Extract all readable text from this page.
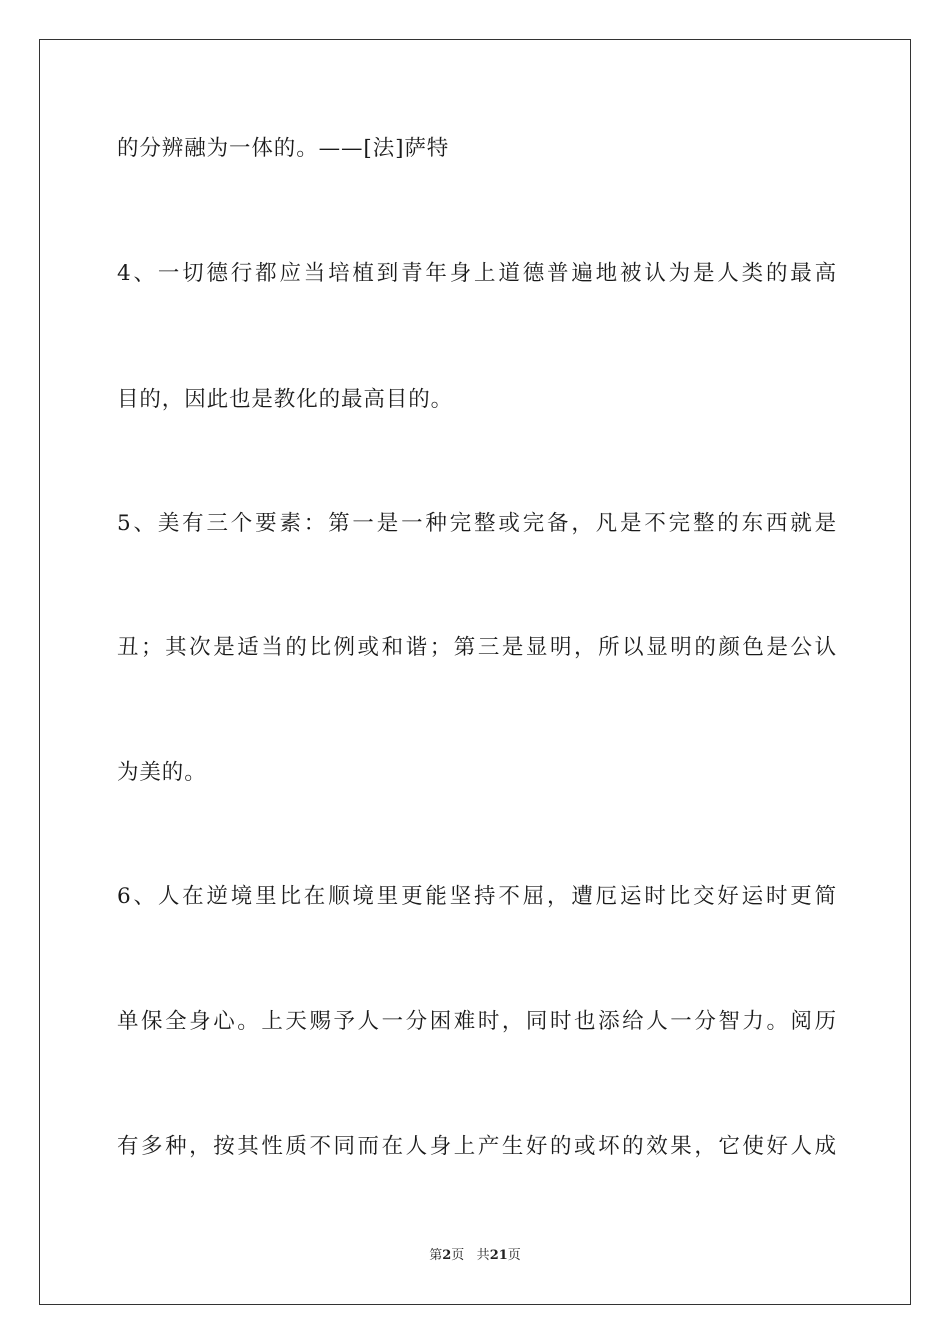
的分辨融为一体的。——[法]萨特
4、一切德行都应当培植到青年身上道德普遍地被认为是人类的最高
目的，因此也是教化的最高目的。
5、美有三个要素：第一是一种完整或完备，凡是不完整的东西就是
丑；其次是适当的比例或和谐；第三是显明，所以显明的颜色是公认
为美的。
6、人在逆境里比在顺境里更能坚持不屈，遭厄运时比交好运时更简
单保全身心。上天赐予人一分困难时，同时也添给人一分智力。阅历
有多种，按其性质不同而在人身上产生好的或坏的效果，它使好人成
第2页 共21页
